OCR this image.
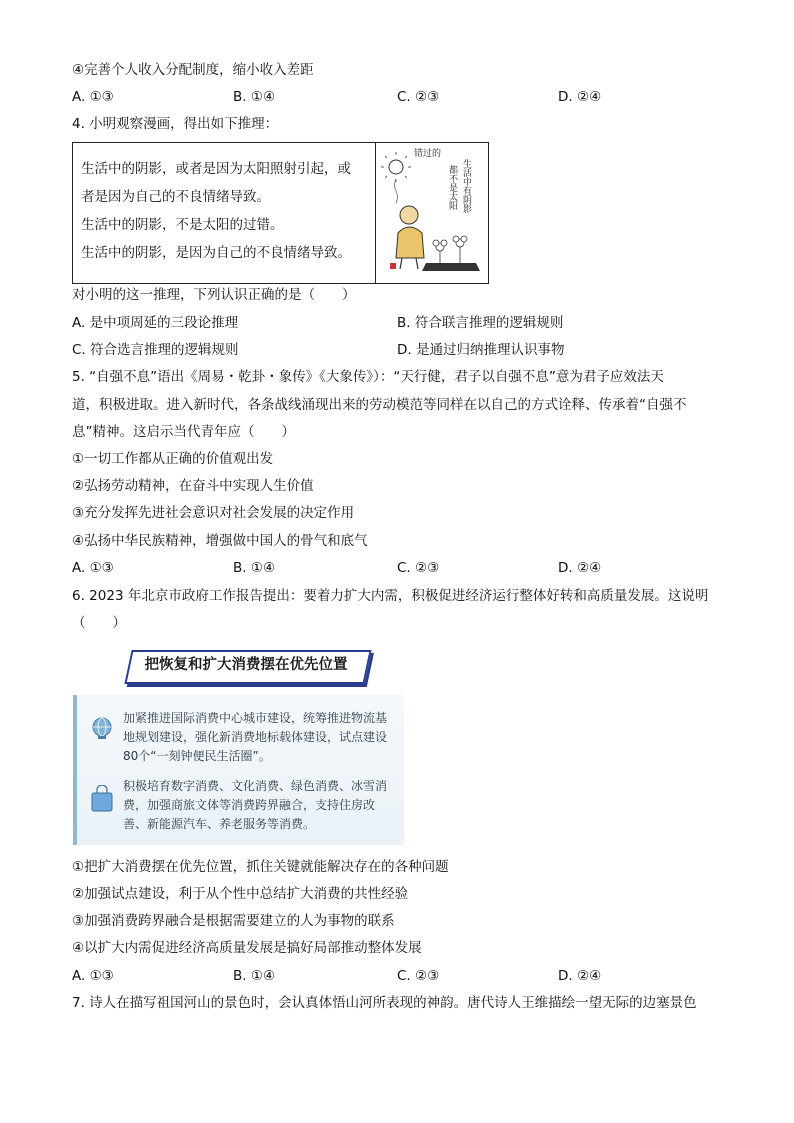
④完善个人收入分配制度，缩小收入差距
A. ①③	B. ①④	C. ②③	D. ②④
4. 小明观察漫画，得出如下推理：
生活中的阴影，或者是因为太阳照射引起，或
者是因为自己的不良情绪导致。
生活中的阴影，不是太阳的过错。
生活中的阴影，是因为自己的不良情绪导致。
生活中有阴影
都不是太阳
错过的
对小明的这一推理，下列认识正确的是（　　）
A. 是中项周延的三段论推理	B. 符合联言推理的逻辑规则
C. 符合选言推理的逻辑规则	D. 是通过归纳推理认识事物
5. “自强不息”语出《周易・乾卦・象传》《大象传》）：“天行健，君子以自强不息”意为君子应效法天
道，积极进取。进入新时代，各条战线涌现出来的劳动模范等同样在以自己的方式诠释、传承着“自强不
息”精神。这启示当代青年应（　　）
①一切工作都从正确的价值观出发
②弘扬劳动精神，在奋斗中实现人生价值
③充分发挥先进社会意识对社会发展的决定作用
④弘扬中华民族精神，增强做中国人的骨气和底气
A. ①③	B. ①④	C. ②③	D. ②④
6. 2023 年北京市政府工作报告提出：要着力扩大内需，积极促进经济运行整体好转和高质量发展。这说明
（　　）
把恢复和扩大消费摆在优先位置
加紧推进国际消费中心城市建设，统筹推进物流基地规划建设，强化新消费地标载体建设，试点建设80个“一刻钟便民生活圈”。
积极培育数字消费、文化消费、绿色消费、冰雪消费，加强商旅文体等消费跨界融合，支持住房改善、新能源汽车、养老服务等消费。
①把扩大消费摆在优先位置，抓住关键就能解决存在的各种问题
②加强试点建设，利于从个性中总结扩大消费的共性经验
③加强消费跨界融合是根据需要建立的人为事物的联系
④以扩大内需促进经济高质量发展是搞好局部推动整体发展
A. ①③	B. ①④	C. ②③	D. ②④
7. 诗人在描写祖国河山的景色时，会认真体悟山河所表现的神韵。唐代诗人王维描绘一望无际的边塞景色
